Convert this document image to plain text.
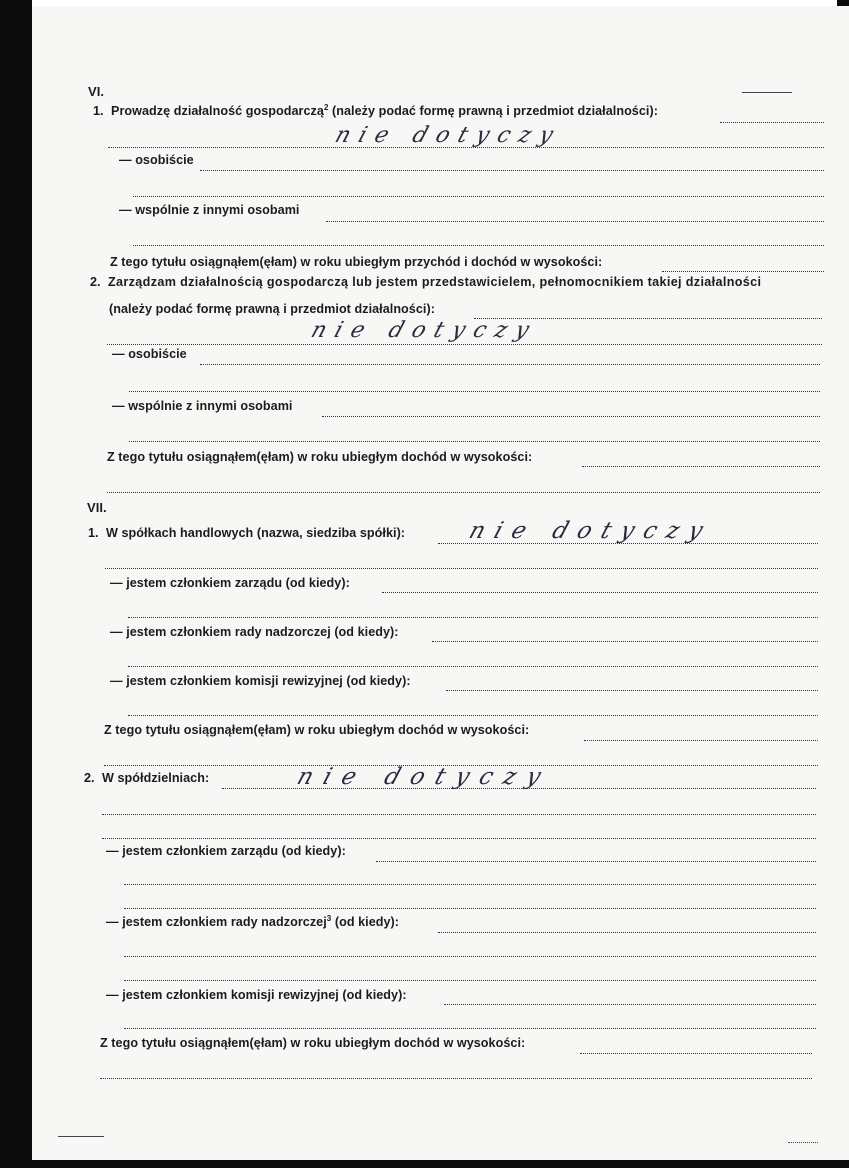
VI.
1. Prowadzę działalność gospodarczą$^2$ (należy podać formę prawną i przedmiot działalności):
nie dotyczy
— osobiście
— wspólnie z innymi osobami
Z tego tytułu osiągnąłem(ęłam) w roku ubiegłym przychód i dochód w wysokości:
2. Zarządzam działalnością gospodarczą lub jestem przedstawicielem, pełnomocnikiem takiej działalności
(należy podać formę prawną i przedmiot działalności):
nie dotyczy
— osobiście
— wspólnie z innymi osobami
Z tego tytułu osiągnąłem(ęłam) w roku ubiegłym dochód w wysokości:
VII.
1. W spółkach handlowych (nazwa, siedziba spółki):	nie dotyczy
— jestem członkiem zarządu (od kiedy):
— jestem członkiem rady nadzorczej (od kiedy):
— jestem członkiem komisji rewizyjnej (od kiedy):
Z tego tytułu osiągnąłem(ęłam) w roku ubiegłym dochód w wysokości:
2. W spółdzielniach:	nie dotyczy
— jestem członkiem zarządu (od kiedy):
— jestem członkiem rady nadzorczej$^3$ (od kiedy):
— jestem członkiem komisji rewizyjnej (od kiedy):
Z tego tytułu osiągnąłem(ęłam) w roku ubiegłym dochód w wysokości:
